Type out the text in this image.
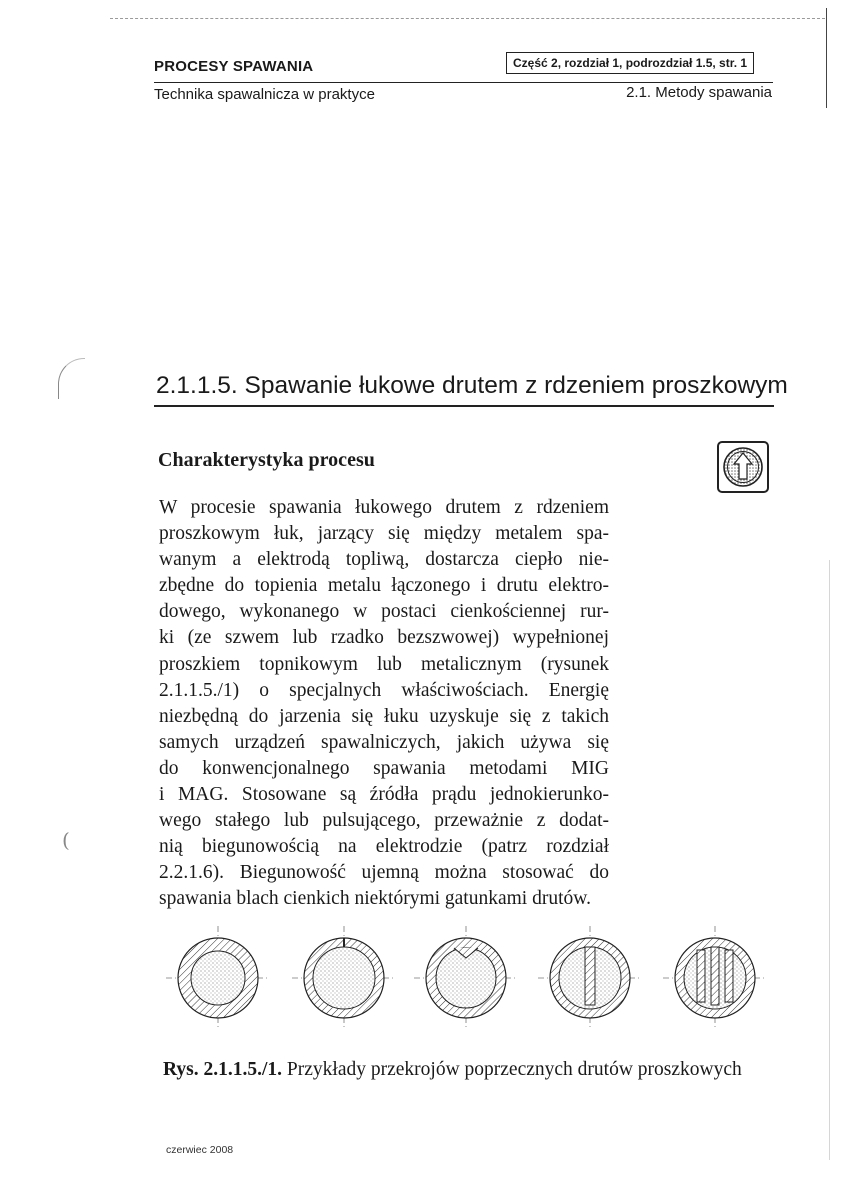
(
PROCESY SPAWANIA	Część 2, rozdział 1, podrozdział 1.5, str. 1
Technika spawalnicza w praktyce	2.1. Metody spawania
2.1.1.5. Spawanie łukowe drutem z rdzeniem proszkowym
Charakterystyka procesu
W procesie spawania łukowego drutem z rdzeniem
proszkowym łuk, jarzący się między metalem spa-
wanym a elektrodą topliwą, dostarcza ciepło nie-
zbędne do topienia metalu łączonego i drutu elektro-
dowego, wykonanego w postaci cienkościennej rur-
ki (ze szwem lub rzadko bezszwowej) wypełnionej
proszkiem topnikowym lub metalicznym (rysunek
2.1.1.5./1) o specjalnych właściwościach. Energię
niezbędną do jarzenia się łuku uzyskuje się z takich
samych urządzeń spawalniczych, jakich używa się
do konwencjonalnego spawania metodami MIG
i MAG. Stosowane są źródła prądu jednokierunko-
wego stałego lub pulsującego, przeważnie z dodat-
nią biegunowością na elektrodzie (patrz rozdział
2.2.1.6). Biegunowość ujemną można stosować do
spawania blach cienkich niektórymi gatunkami drutów.
Rys. 2.1.1.5./1. Przykłady przekrojów poprzecznych drutów proszkowych
czerwiec 2008
